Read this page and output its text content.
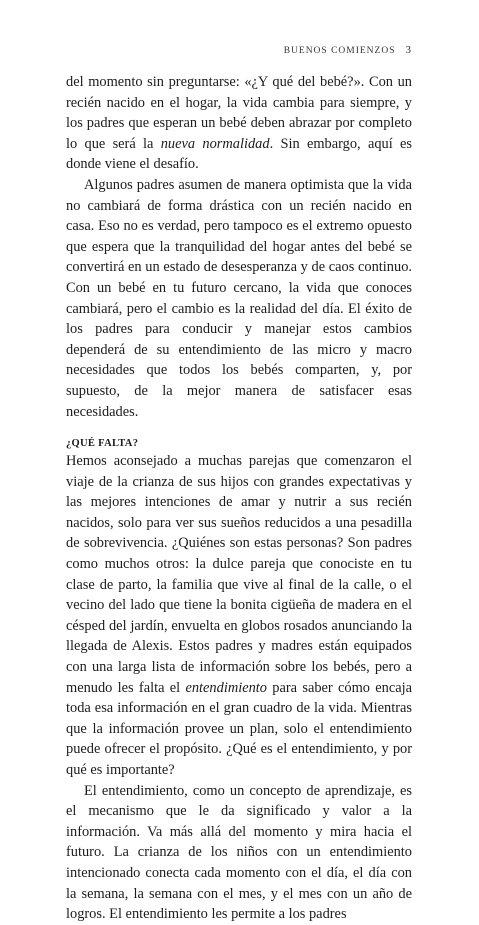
BUENOS COMIENZOS 3

del momento sin preguntarse: «¿Y qué del bebé?». Con un recién nacido en el hogar, la vida cambia para siempre, y los padres que esperan un bebé deben abrazar por completo lo que será la nueva normalidad. Sin embargo, aquí es donde viene el desafío.

Algunos padres asumen de manera optimista que la vida no cambiará de forma drástica con un recién nacido en casa. Eso no es verdad, pero tampoco es el extremo opuesto que espera que la tranquilidad del hogar antes del bebé se convertirá en un estado de desesperanza y de caos continuo. Con un bebé en tu futuro cercano, la vida que conoces cambiará, pero el cambio es la realidad del día. El éxito de los padres para conducir y manejar estos cambios dependerá de su entendimiento de las micro y macro necesidades que todos los bebés comparten, y, por supuesto, de la mejor manera de satisfacer esas necesidades.

¿QUÉ FALTA?

Hemos aconsejado a muchas parejas que comenzaron el viaje de la crianza de sus hijos con grandes expectativas y las mejores intenciones de amar y nutrir a sus recién nacidos, solo para ver sus sueños reducidos a una pesadilla de sobrevivencia. ¿Quiénes son estas personas? Son padres como muchos otros: la dulce pareja que conociste en tu clase de parto, la familia que vive al final de la calle, o el vecino del lado que tiene la bonita cigüeña de madera en el césped del jardín, envuelta en globos rosados anunciando la llegada de Alexis. Estos padres y madres están equipados con una larga lista de información sobre los bebés, pero a menudo les falta el entendimiento para saber cómo encaja toda esa información en el gran cuadro de la vida. Mientras que la información provee un plan, solo el entendimiento puede ofrecer el propósito. ¿Qué es el entendimiento, y por qué es importante?

El entendimiento, como un concepto de aprendizaje, es el mecanismo que le da significado y valor a la información. Va más allá del momento y mira hacia el futuro. La crianza de los niños con un entendimiento intencionado conecta cada momento con el día, el día con la semana, la semana con el mes, y el mes con un año de logros. El entendimiento les permite a los padres
